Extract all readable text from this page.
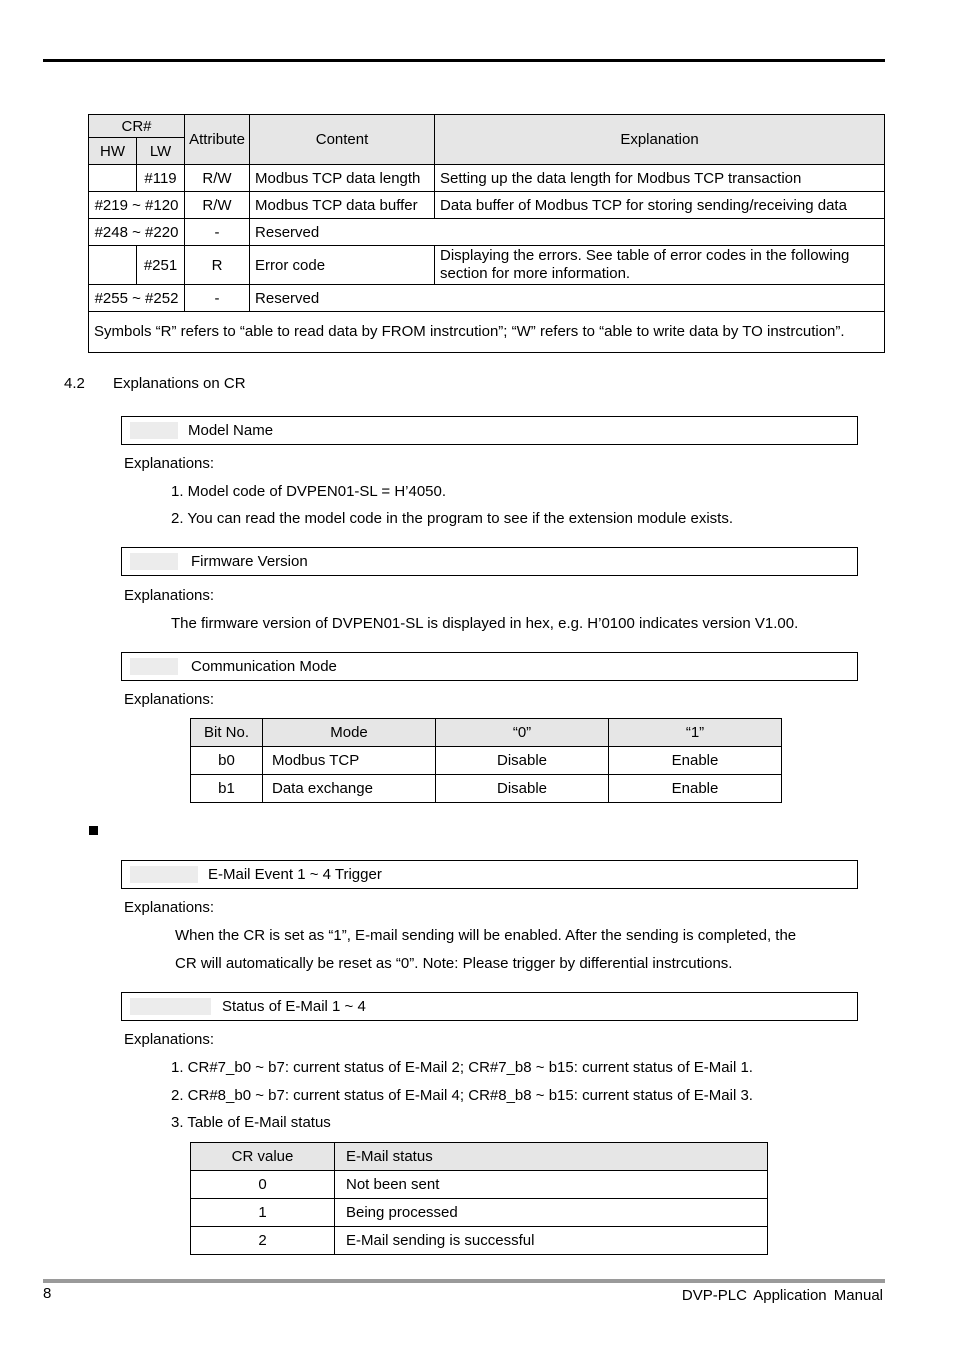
CR#		Attribute	Content	Explanation
HW	LW			
	#119	R/W	Modbus TCP data length	Setting up the data length for Modbus TCP transaction
#219 ~ #120		R/W	Modbus TCP data buffer	Data buffer of Modbus TCP for storing sending/receiving data
#248 ~ #220		-	Reserved	
	#251	R	Error code	Displaying the errors. See table of error codes in the following section for more information.
#255 ~ #252		-	Reserved	
Symbols “R” refers to “able to read data by FROM instrcution”; “W” refers to “able to write data by TO instrcution”.				
4.2 Explanations on CR
Model Name
Explanations:
1. Model code of DVPEN01-SL = H’4050.
2. You can read the model code in the program to see if the extension module exists.
Firmware Version
Explanations:
The firmware version of DVPEN01-SL is displayed in hex, e.g. H’0100 indicates version V1.00.
Communication Mode
Explanations:
Bit No.	Mode	“0”	“1”
b0	Modbus TCP	Disable	Enable
b1	Data exchange	Disable	Enable
E-Mail Event 1 ~ 4 Trigger
Explanations:
When the CR is set as “1”, E-mail sending will be enabled. After the sending is completed, the
CR will automatically be reset as “0”. Note: Please trigger by differential instrcutions.
Status of E-Mail 1 ~ 4
Explanations:
1. CR#7_b0 ~ b7: current status of E-Mail 2; CR#7_b8 ~ b15: current status of E-Mail 1.
2. CR#8_b0 ~ b7: current status of E-Mail 4; CR#8_b8 ~ b15: current status of E-Mail 3.
3. Table of E-Mail status
CR value	E-Mail status
0	Not been sent
1	Being processed
2	E-Mail sending is successful
8	DVP-PLC Application Manual
